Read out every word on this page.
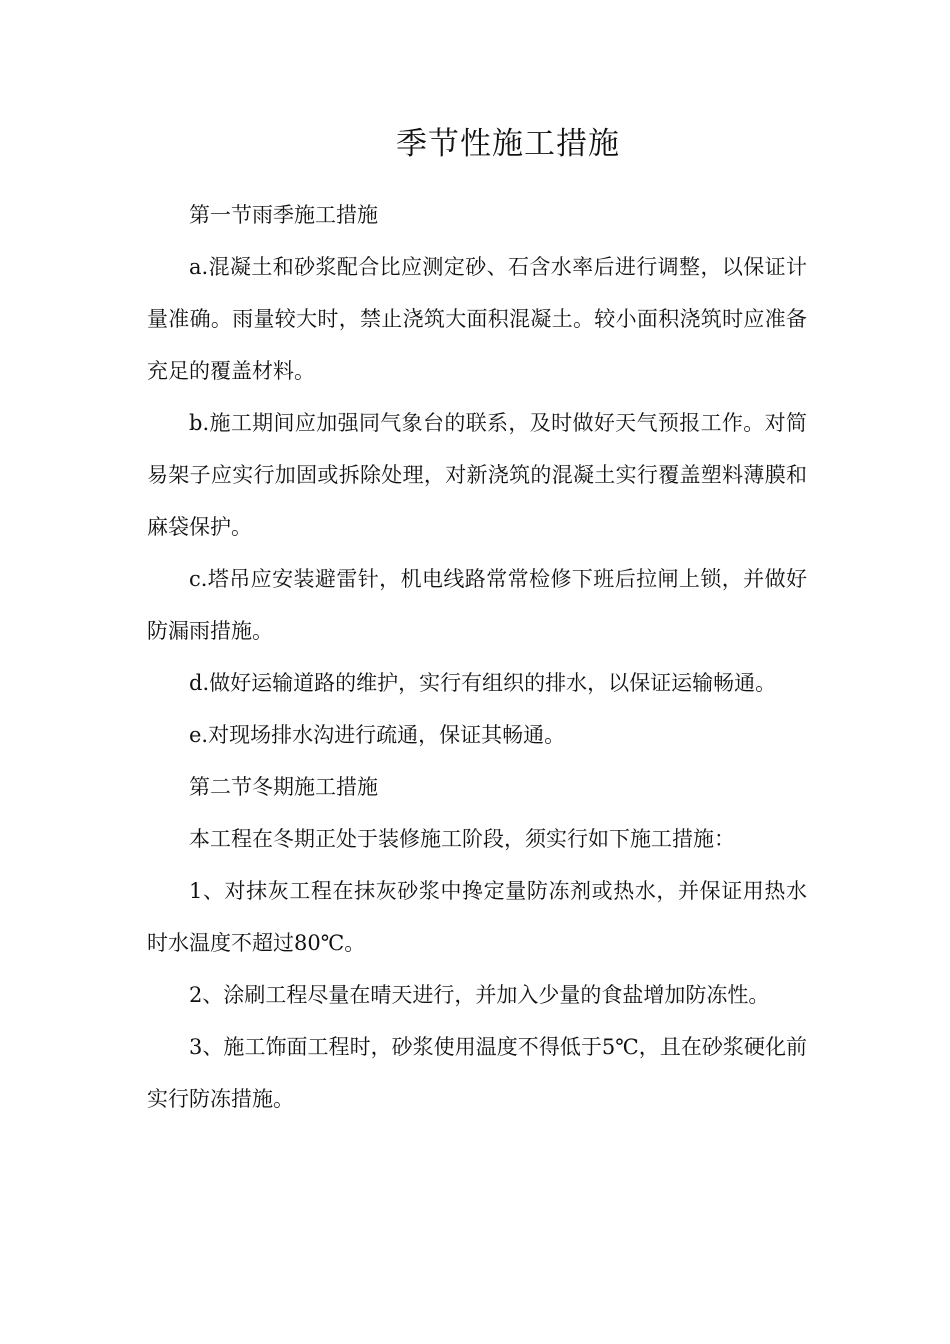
季节性施工措施

第一节雨季施工措施

a.混凝土和砂浆配合比应测定砂、石含水率后进行调整，以保证计量准确。雨量较大时，禁止浇筑大面积混凝土。较小面积浇筑时应准备充足的覆盖材料。

b.施工期间应加强同气象台的联系，及时做好天气预报工作。对简易架子应实行加固或拆除处理，对新浇筑的混凝土实行覆盖塑料薄膜和麻袋保护。

c.塔吊应安装避雷针，机电线路常常检修下班后拉闸上锁，并做好防漏雨措施。

d.做好运输道路的维护，实行有组织的排水，以保证运输畅通。

e.对现场排水沟进行疏通，保证其畅通。

第二节冬期施工措施

本工程在冬期正处于装修施工阶段，须实行如下施工措施：

1、对抹灰工程在抹灰砂浆中搀定量防冻剂或热水，并保证用热水时水温度不超过80℃。

2、涂刷工程尽量在晴天进行，并加入少量的食盐增加防冻性。

3、施工饰面工程时，砂浆使用温度不得低于5℃，且在砂浆硬化前实行防冻措施。
